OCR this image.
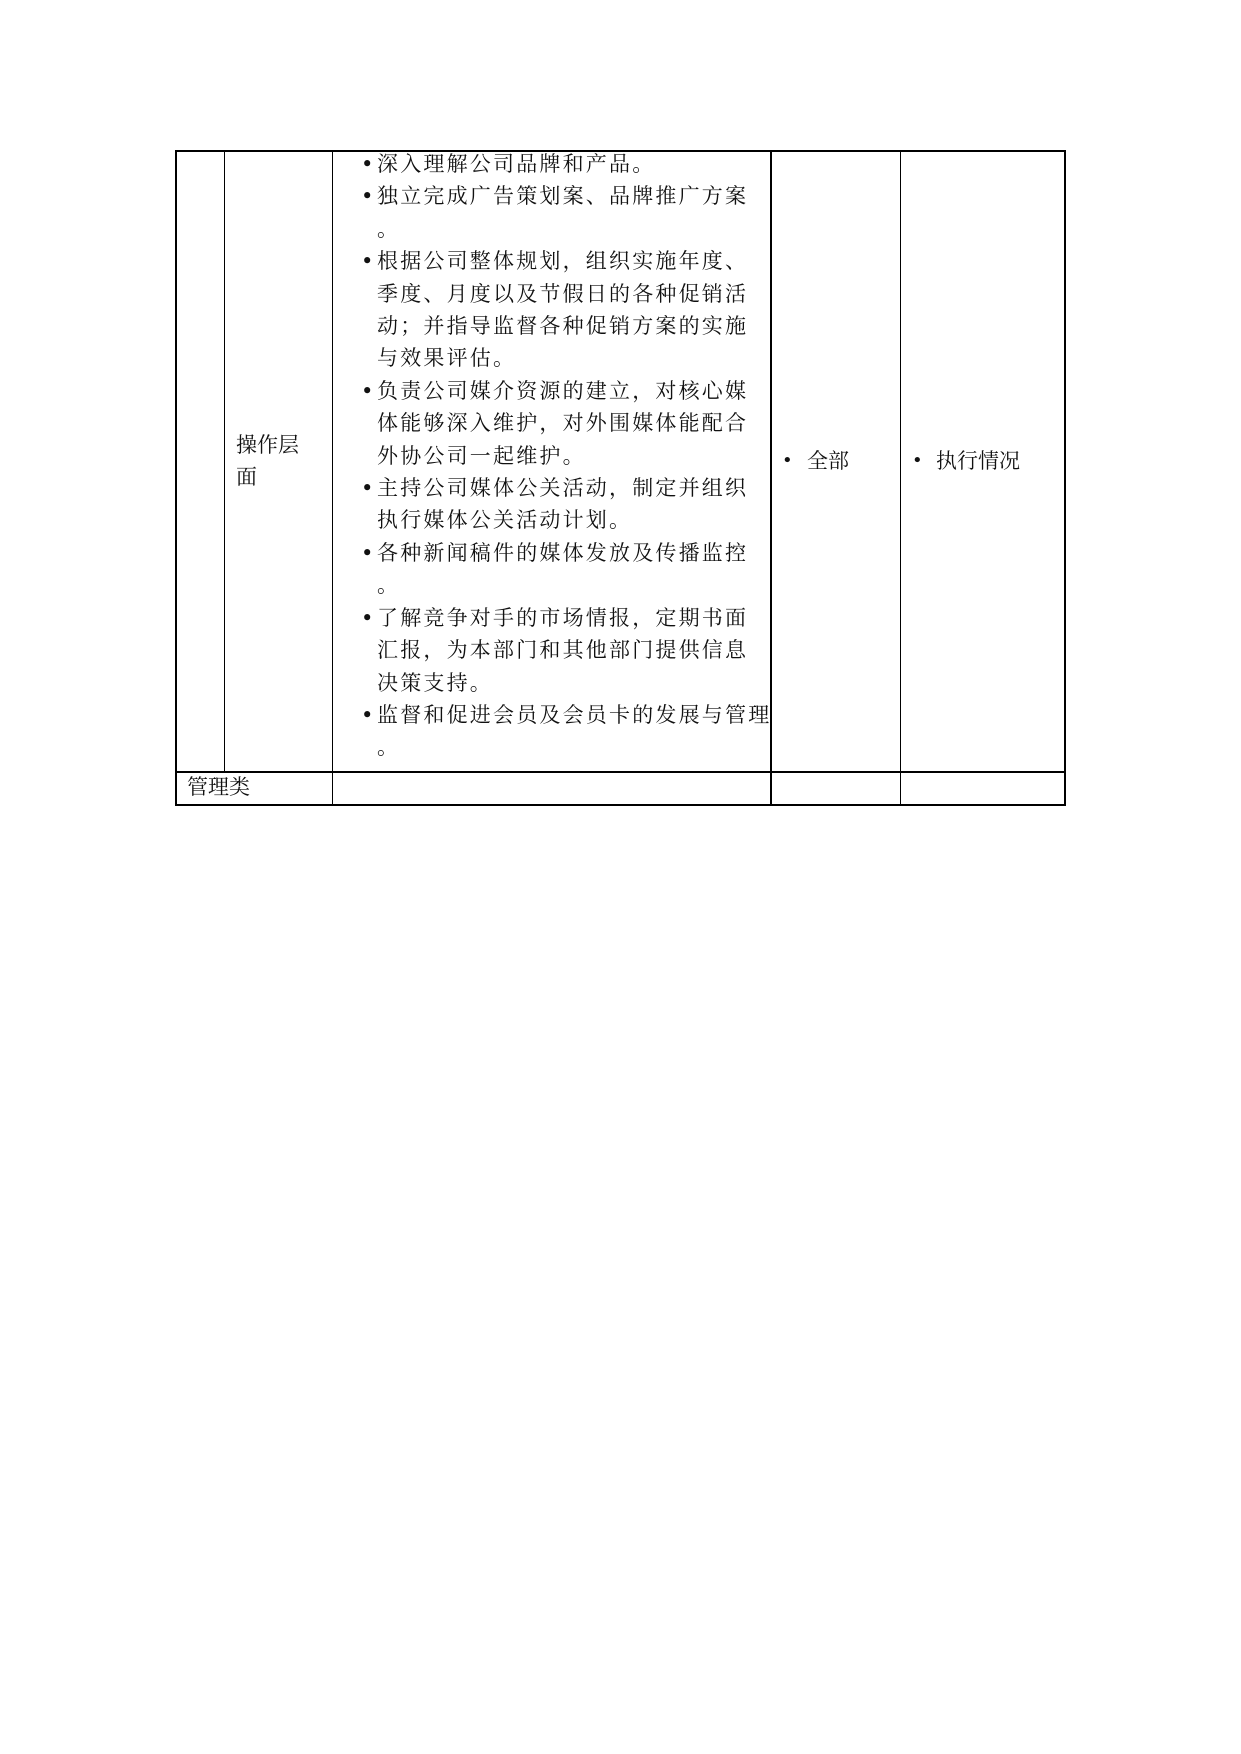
操作层
面
• 深入理解公司品牌和产品。
• 独立完成广告策划案、品牌推广方案
。
• 根据公司整体规划，组织实施年度、
季度、月度以及节假日的各种促销活
动；并指导监督各种促销方案的实施
与效果评估。
• 负责公司媒介资源的建立，对核心媒
体能够深入维护，对外围媒体能配合
外协公司一起维护。
• 主持公司媒体公关活动，制定并组织
执行媒体公关活动计划。
• 各种新闻稿件的媒体发放及传播监控
。
• 了解竞争对手的市场情报，定期书面
汇报，为本部门和其他部门提供信息
决策支持。
• 监督和促进会员及会员卡的发展与管理
。
• 全部	• 执行情况
管理类
